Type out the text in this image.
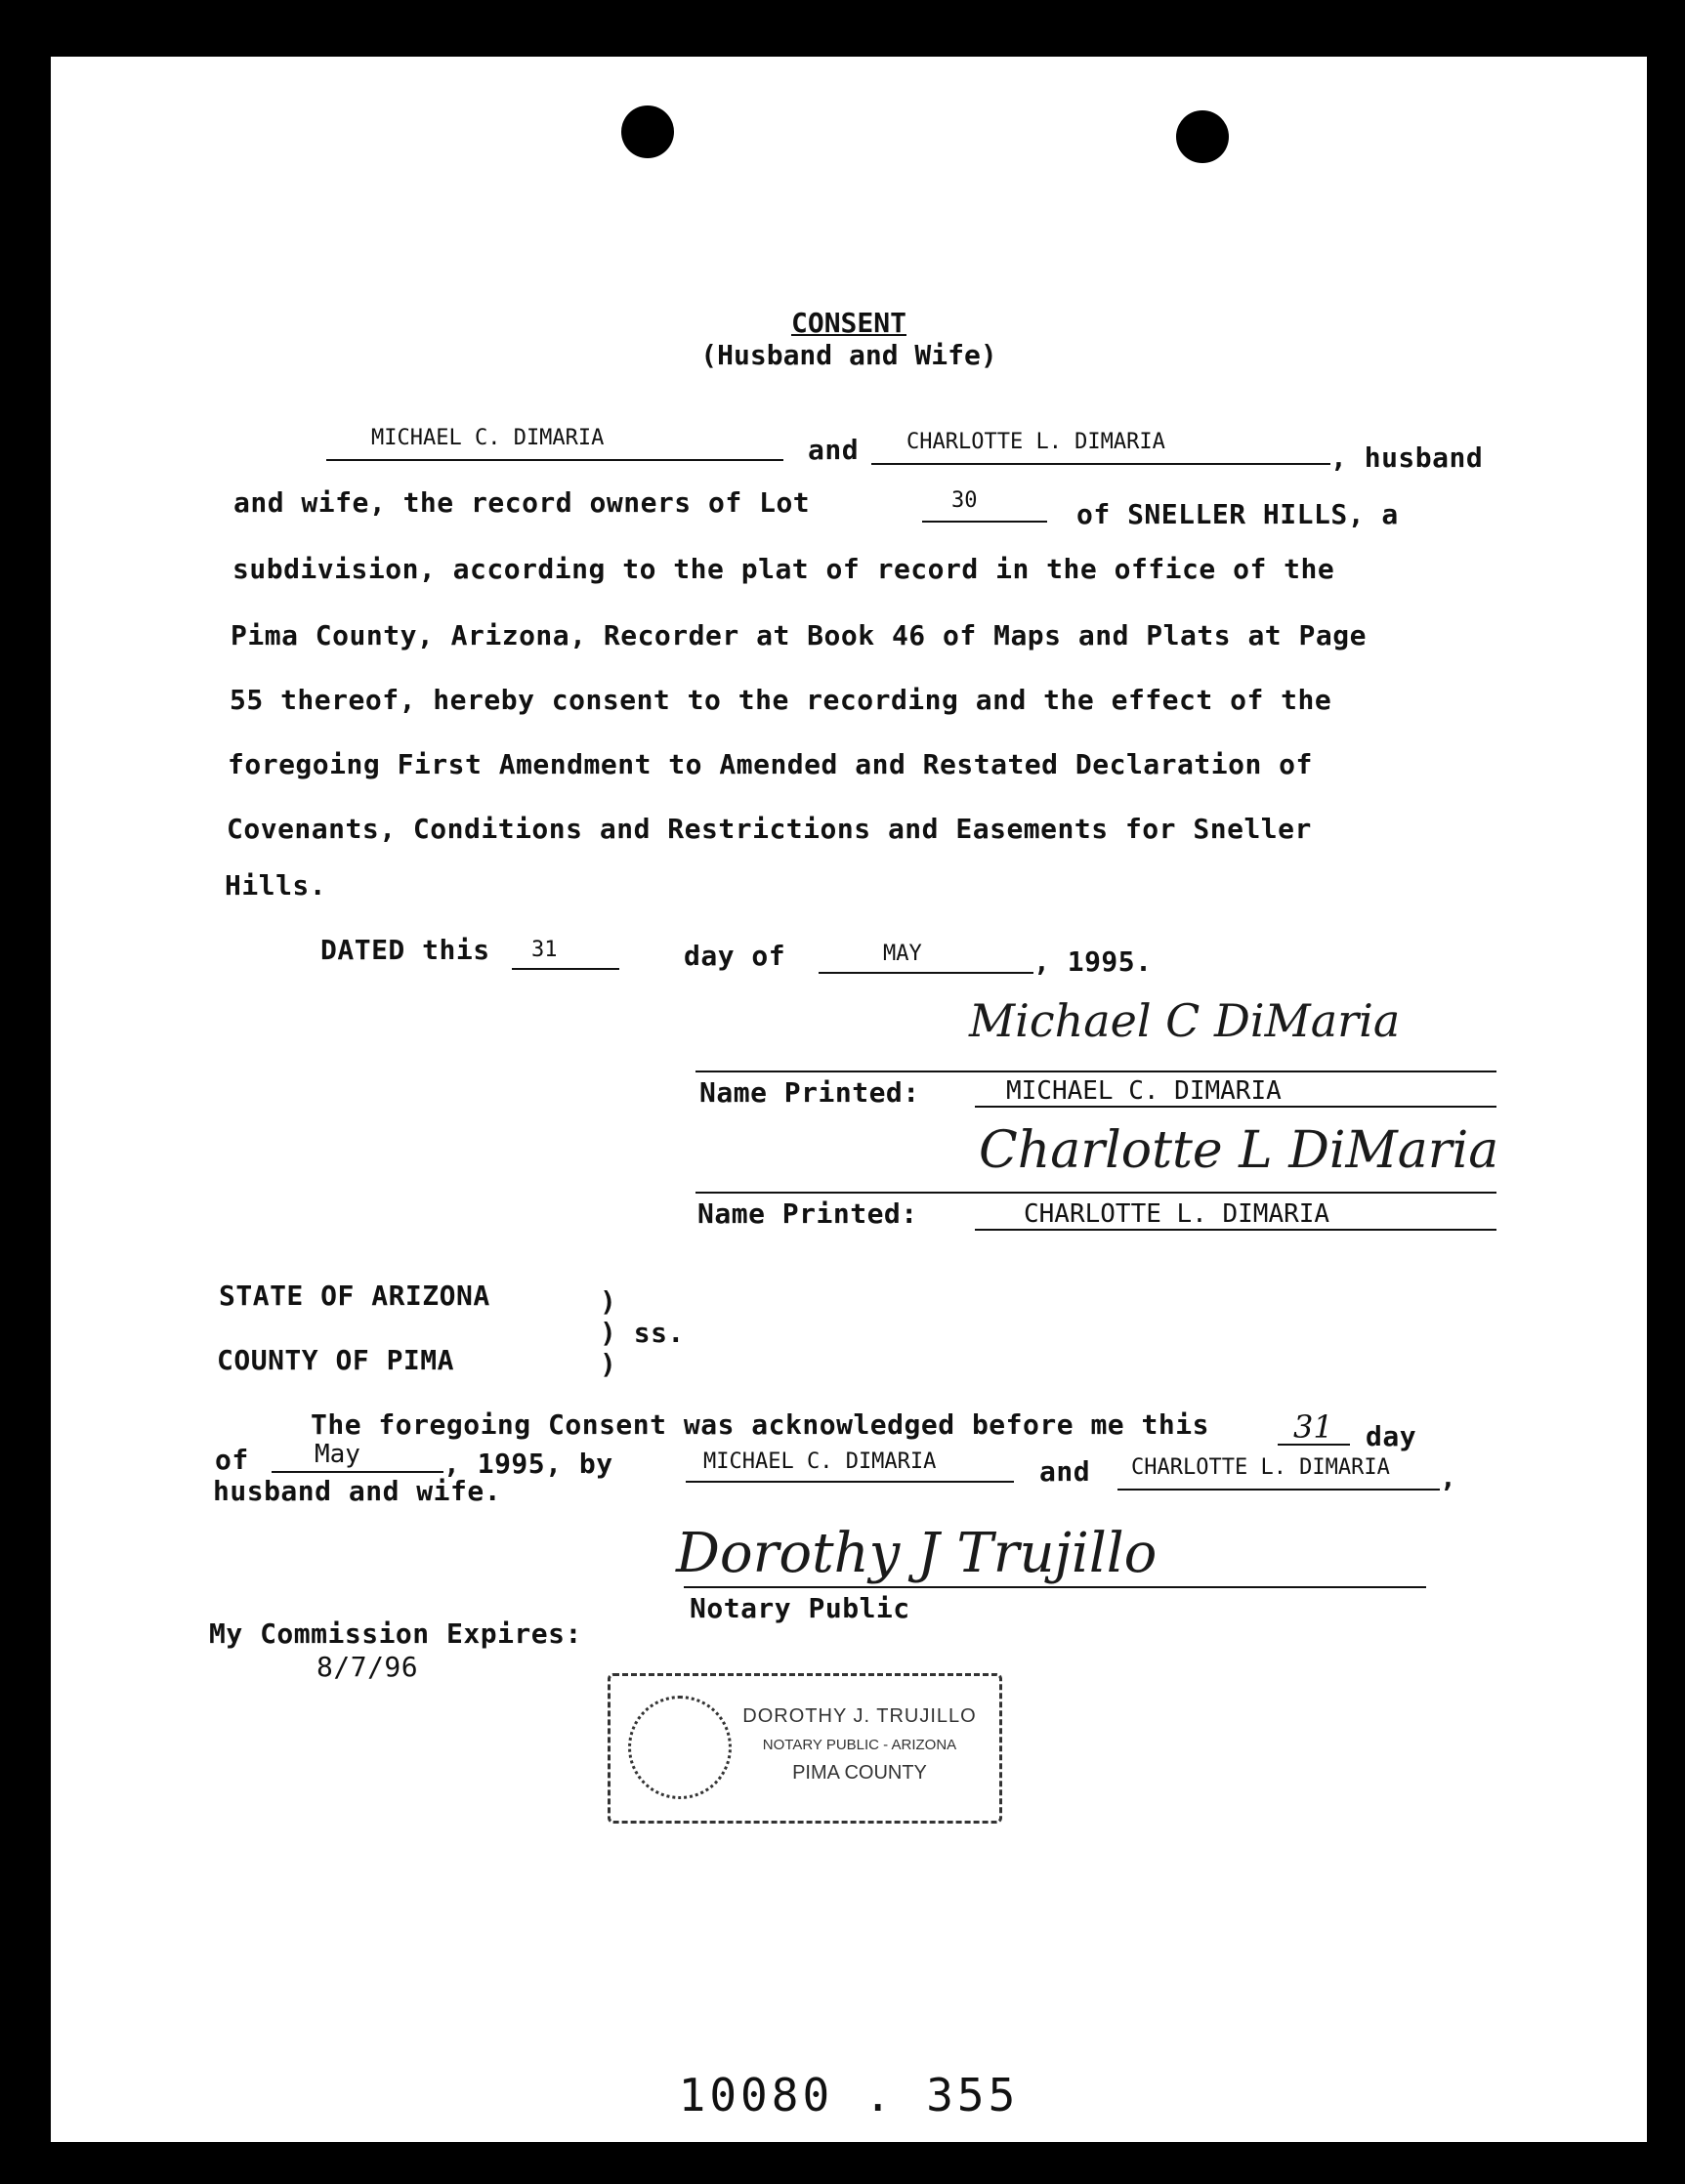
CONSENT
(Husband and Wife)
MICHAEL C. DIMARIA	and CHARLOTTE L. DIMARIA	, husband
and wife, the record owners of Lot	30	of SNELLER HILLS, a
subdivision, according to the plat of record in the office of the
Pima County, Arizona, Recorder at Book 46 of Maps and Plats at Page
55 thereof, hereby consent to the recording and the effect of the
foregoing First Amendment to Amended and Restated Declaration of
Covenants, Conditions and Restrictions and Easements for Sneller
Hills.
DATED this 31	day of	MAY	, 1995.
Michael C DiMaria
Name Printed:	MICHAEL C. DIMARIA
Charlotte L DiMaria
Name Printed:	CHARLOTTE L. DIMARIA
STATE OF ARIZONA	)
) ss.
COUNTY OF PIMA	)
The foregoing Consent was acknowledged before me this	31 day
of	May	, 1995, by	MICHAEL C. DIMARIA	and CHARLOTTE L. DIMARIA ,
husband and wife.
Dorothy J Trujillo
Notary Public
My Commission Expires:
8/7/96
DOROTHY J. TRUJILLO
NOTARY PUBLIC - ARIZONA
PIMA COUNTY
10080 . 355
